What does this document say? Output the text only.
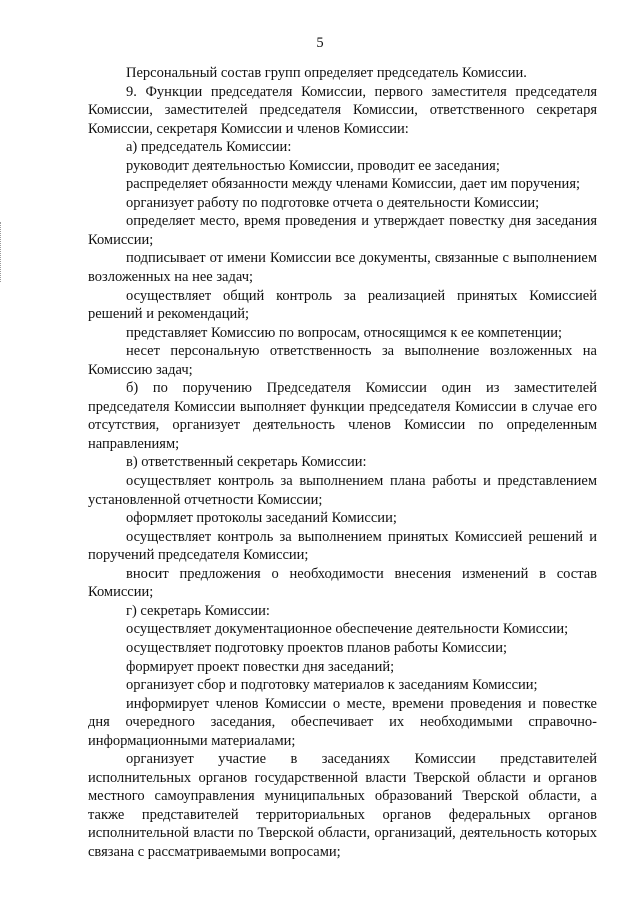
5

Персональный состав групп определяет председатель Комиссии.

9. Функции председателя Комиссии, первого заместителя председателя Комиссии, заместителей председателя Комиссии, ответственного секретаря Комиссии, секретаря Комиссии и членов Комиссии:

а) председатель Комиссии:

руководит деятельностью Комиссии, проводит ее заседания;

распределяет обязанности между членами Комиссии, дает им поручения;

организует работу по подготовке отчета о деятельности Комиссии;

определяет место, время проведения и утверждает повестку дня заседания Комиссии;

подписывает от имени Комиссии все документы, связанные с выполнением возложенных на нее задач;

осуществляет общий контроль за реализацией принятых Комиссией решений и рекомендаций;

представляет Комиссию по вопросам, относящимся к ее компетенции;

несет персональную ответственность за выполнение возложенных на Комиссию задач;

б) по поручению Председателя Комиссии один из заместителей председателя Комиссии выполняет функции председателя Комиссии в случае его отсутствия, организует деятельность членов Комиссии по определенным направлениям;

в) ответственный секретарь Комиссии:

осуществляет контроль за выполнением плана работы и представлением установленной отчетности Комиссии;

оформляет протоколы заседаний Комиссии;

осуществляет контроль за выполнением принятых Комиссией решений и поручений председателя Комиссии;

вносит предложения о необходимости внесения изменений в состав Комиссии;

г) секретарь Комиссии:

осуществляет документационное обеспечение деятельности Комиссии;

осуществляет подготовку проектов планов работы Комиссии;

формирует проект повестки дня заседаний;

организует сбор и подготовку материалов к заседаниям Комиссии;

информирует членов Комиссии о месте, времени проведения и повестке дня очередного заседания, обеспечивает их необходимыми справочно-информационными материалами;

организует участие в заседаниях Комиссии представителей исполнительных органов государственной власти Тверской области и органов местного самоуправления муниципальных образований Тверской области, а также представителей территориальных органов федеральных органов исполнительной власти по Тверской области, организаций, деятельность которых связана с рассматриваемыми вопросами;
